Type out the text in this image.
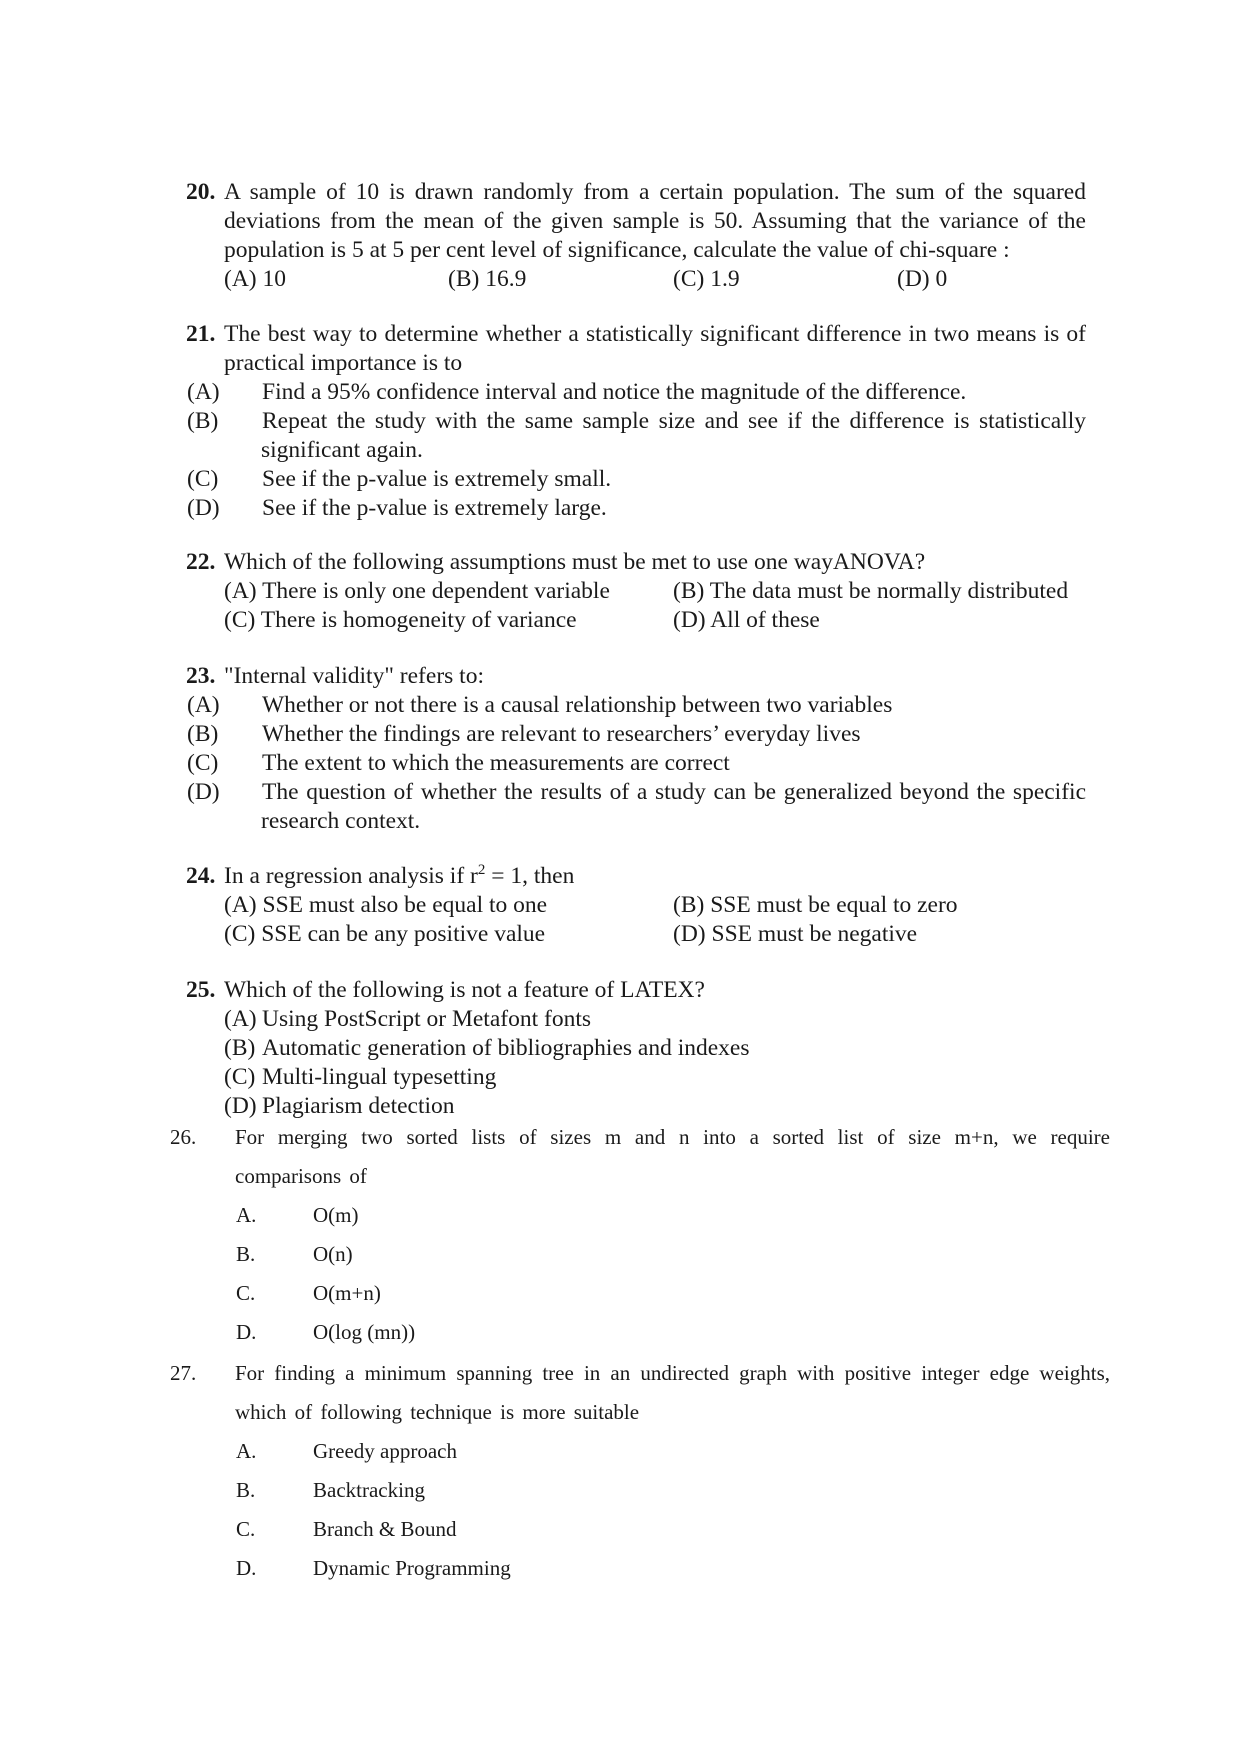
20. A sample of 10 is drawn randomly from a certain population. The sum of the squared deviations from the mean of the given sample is 50. Assuming that the variance of the population is 5 at 5 per cent level of significance, calculate the value of chi-square :
(A) 10	(B) 16.9	(C) 1.9	(D) 0
21. The best way to determine whether a statistically significant difference in two means is of practical importance is to
(A) Find a 95% confidence interval and notice the magnitude of the difference.
(B) Repeat the study with the same sample size and see if the difference is statistically significant again.
(C) See if the p-value is extremely small.
(D) See if the p-value is extremely large.
22. Which of the following assumptions must be met to use one wayANOVA?
(A) There is only one dependent variable	(B) The data must be normally distributed
(C) There is homogeneity of variance	(D) All of these
23. "Internal validity" refers to:
(A) Whether or not there is a causal relationship between two variables
(B) Whether the findings are relevant to researchers’ everyday lives
(C) The extent to which the measurements are correct
(D) The question of whether the results of a study can be generalized beyond the specific research context.
24. In a regression analysis if $r^2 = 1$, then
(A) SSE must also be equal to one	(B) SSE must be equal to zero
(C) SSE can be any positive value	(D) SSE must be negative
25. Which of the following is not a feature of LATEX?
(A) Using PostScript or Metafont fonts
(B) Automatic generation of bibliographies and indexes
(C) Multi-lingual typesetting
(D) Plagiarism detection
26. For merging two sorted lists of sizes m and n into a sorted list of size m+n, we require comparisons of
A.	O(m)
B.	O(n)
C.	O(m+n)
D.	O(log (mn))
27. For finding a minimum spanning tree in an undirected graph with positive integer edge weights, which of following technique is more suitable
A.	Greedy approach
B.	Backtracking
C.	Branch & Bound
D.	Dynamic Programming
